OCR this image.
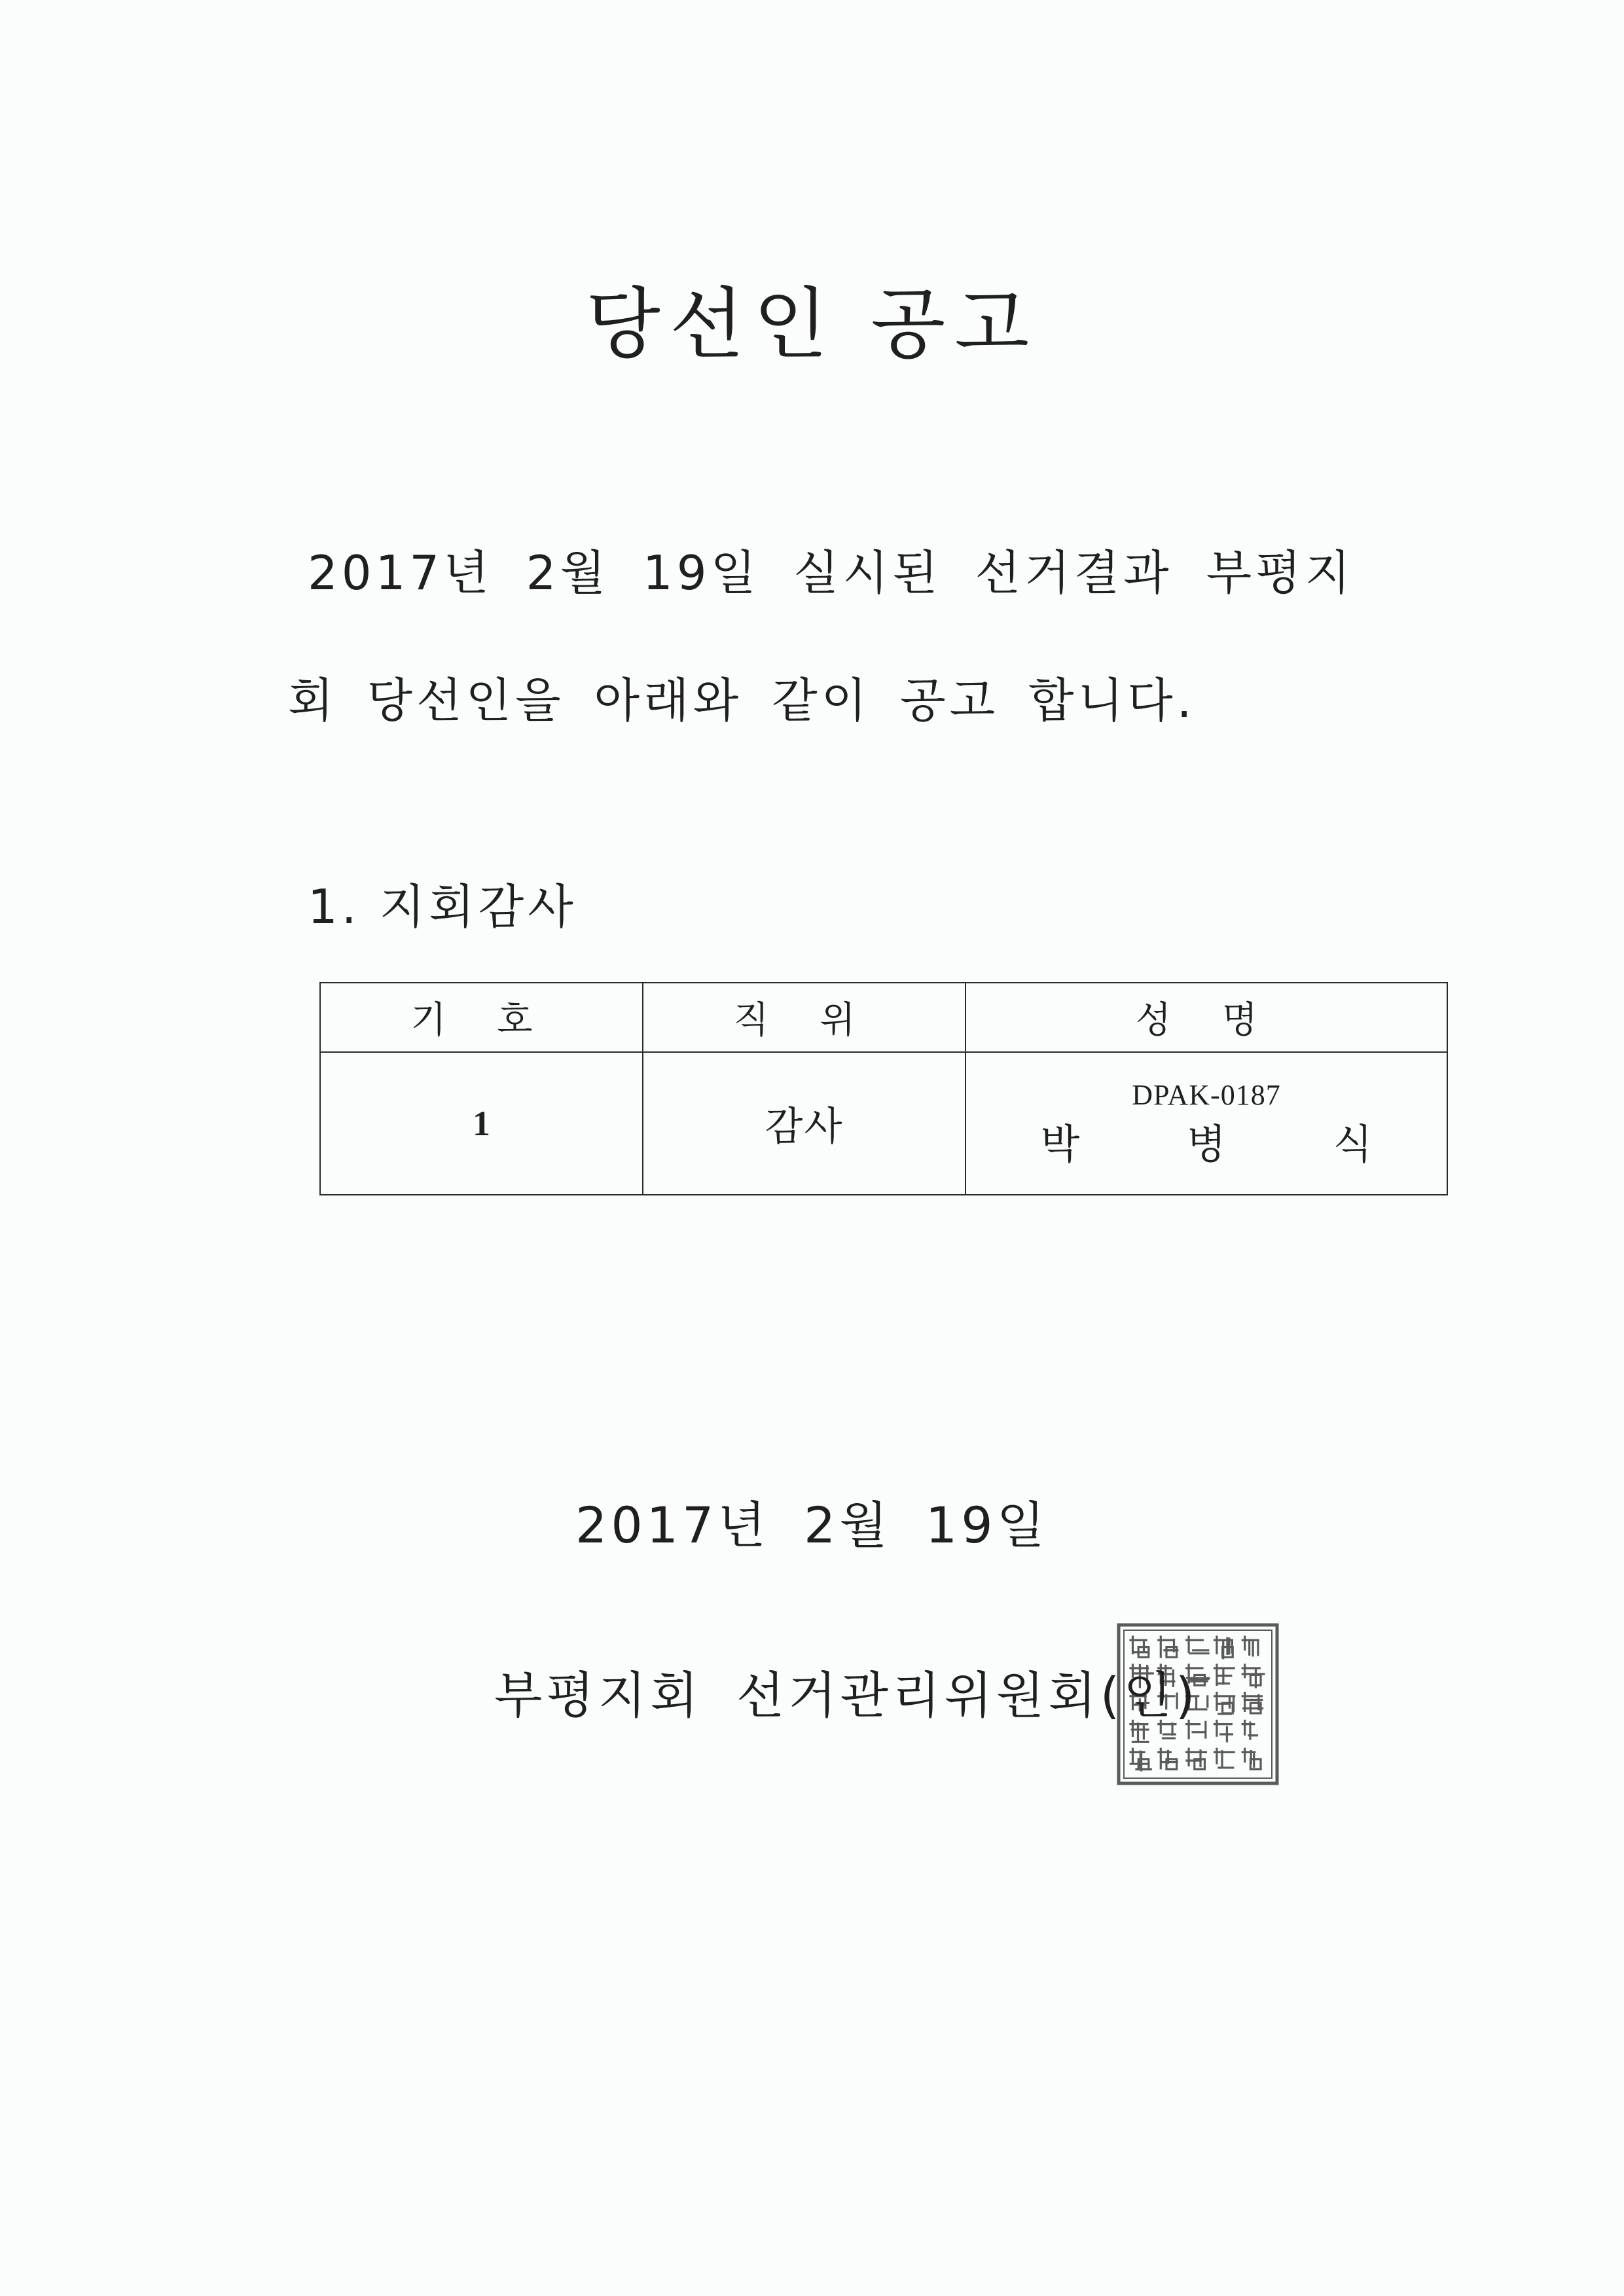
당선인 공고

2017년 2월 19일 실시된 선거결과 부평지

회 당선인을 아래와 같이 공고 합니다.

1. 지회감사

기 호	직 위	성 명
1	감사	DPAK-0187
박 병 식

2017년 2월 19일

부평지회 선거관리위원회(인)
